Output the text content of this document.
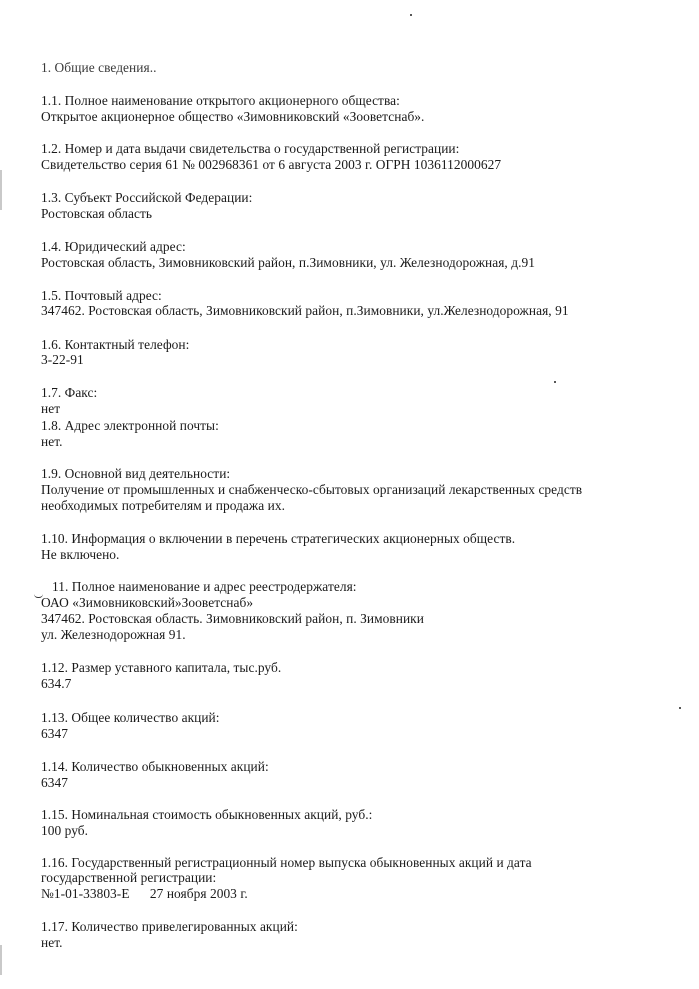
1. Общие сведения..
1.1. Полное наименование открытого акционерного общества:
Открытое акционерное общество «Зимовниковский «Зооветснаб».
1.2. Номер и дата выдачи свидетельства о государственной регистрации:
Свидетельство серия 61 № 002968361 от 6 августа 2003 г. ОГРН 1036112000627
1.3. Субъект Российской Федерации:
Ростовская область
1.4. Юридический адрес:
Ростовская область, Зимовниковский район, п.Зимовники, ул. Железнодорожная, д.91
1.5. Почтовый адрес:
347462. Ростовская область, Зимовниковский район, п.Зимовники, ул.Железнодорожная, 91
1.6. Контактный телефон:
3-22-91
1.7. Факс:
нет
1.8. Адрес электронной почты:
нет.
1.9. Основной вид деятельности:
Получение от промышленных и снабженческо-сбытовых организаций лекарственных средств
необходимых потребителям и продажа их.
1.10. Информация о включении в перечень стратегических акционерных обществ.
Не включено.
11. Полное наименование и адрес реестродержателя:
ОАО «Зимовниковский»Зооветснаб»
347462. Ростовская область. Зимовниковский район, п. Зимовники
ул. Железнодорожная 91.
1.12. Размер уставного капитала, тыс.руб.
634.7
1.13. Общее количество акций:
6347
1.14. Количество обыкновенных акций:
6347
1.15. Номинальная стоимость обыкновенных акций, руб.:
100 руб.
1.16. Государственный регистрационный номер выпуска обыкновенных акций и дата
государственной регистрации:
№1-01-33803-Е      27 ноября 2003 г.
1.17. Количество привелегированных акций:
нет.
